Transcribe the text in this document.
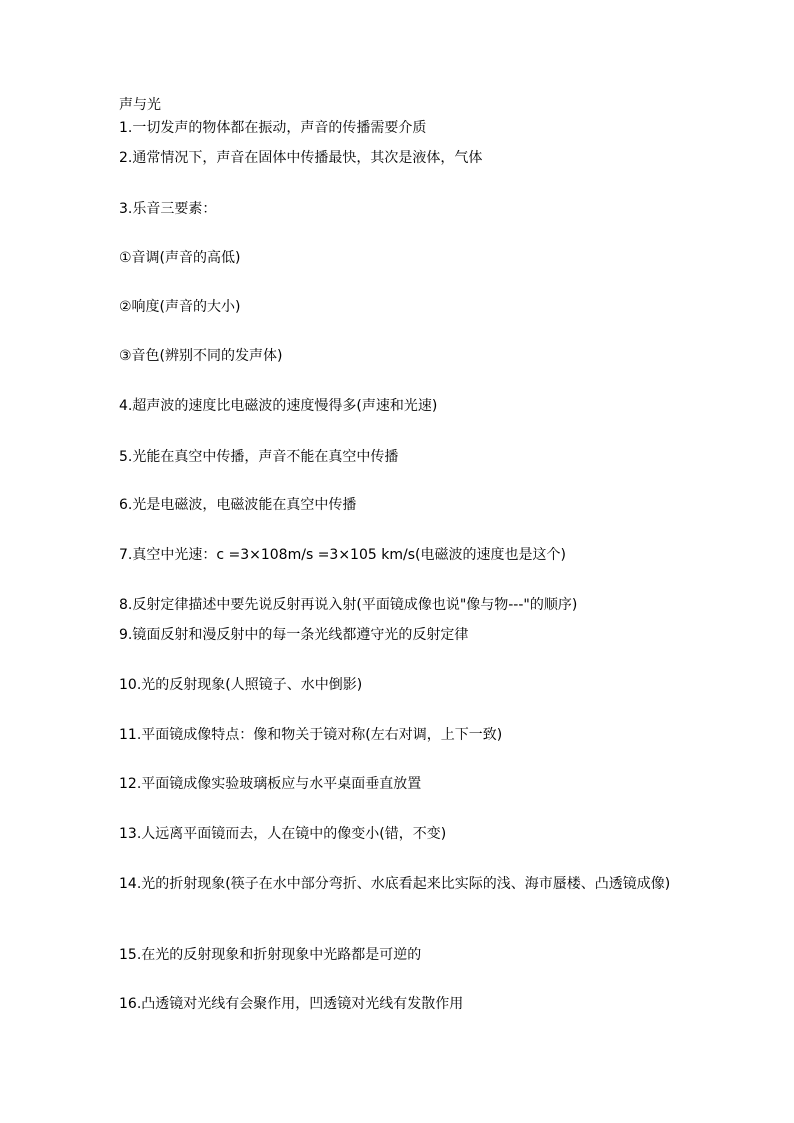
声与光
1.一切发声的物体都在振动，声音的传播需要介质
2.通常情况下，声音在固体中传播最快，其次是液体，气体
3.乐音三要素：
①音调(声音的高低)
②响度(声音的大小)
③音色(辨别不同的发声体)
4.超声波的速度比电磁波的速度慢得多(声速和光速)
5.光能在真空中传播，声音不能在真空中传播
6.光是电磁波，电磁波能在真空中传播
7.真空中光速：c =3×108m/s =3×105 km/s(电磁波的速度也是这个)
8.反射定律描述中要先说反射再说入射(平面镜成像也说"像与物---"的顺序)
9.镜面反射和漫反射中的每一条光线都遵守光的反射定律
10.光的反射现象(人照镜子、水中倒影)
11.平面镜成像特点：像和物关于镜对称(左右对调，上下一致)
12.平面镜成像实验玻璃板应与水平桌面垂直放置
13.人远离平面镜而去，人在镜中的像变小(错，不变)
14.光的折射现象(筷子在水中部分弯折、水底看起来比实际的浅、海市蜃楼、凸透镜成像)
15.在光的反射现象和折射现象中光路都是可逆的
16.凸透镜对光线有会聚作用，凹透镜对光线有发散作用
